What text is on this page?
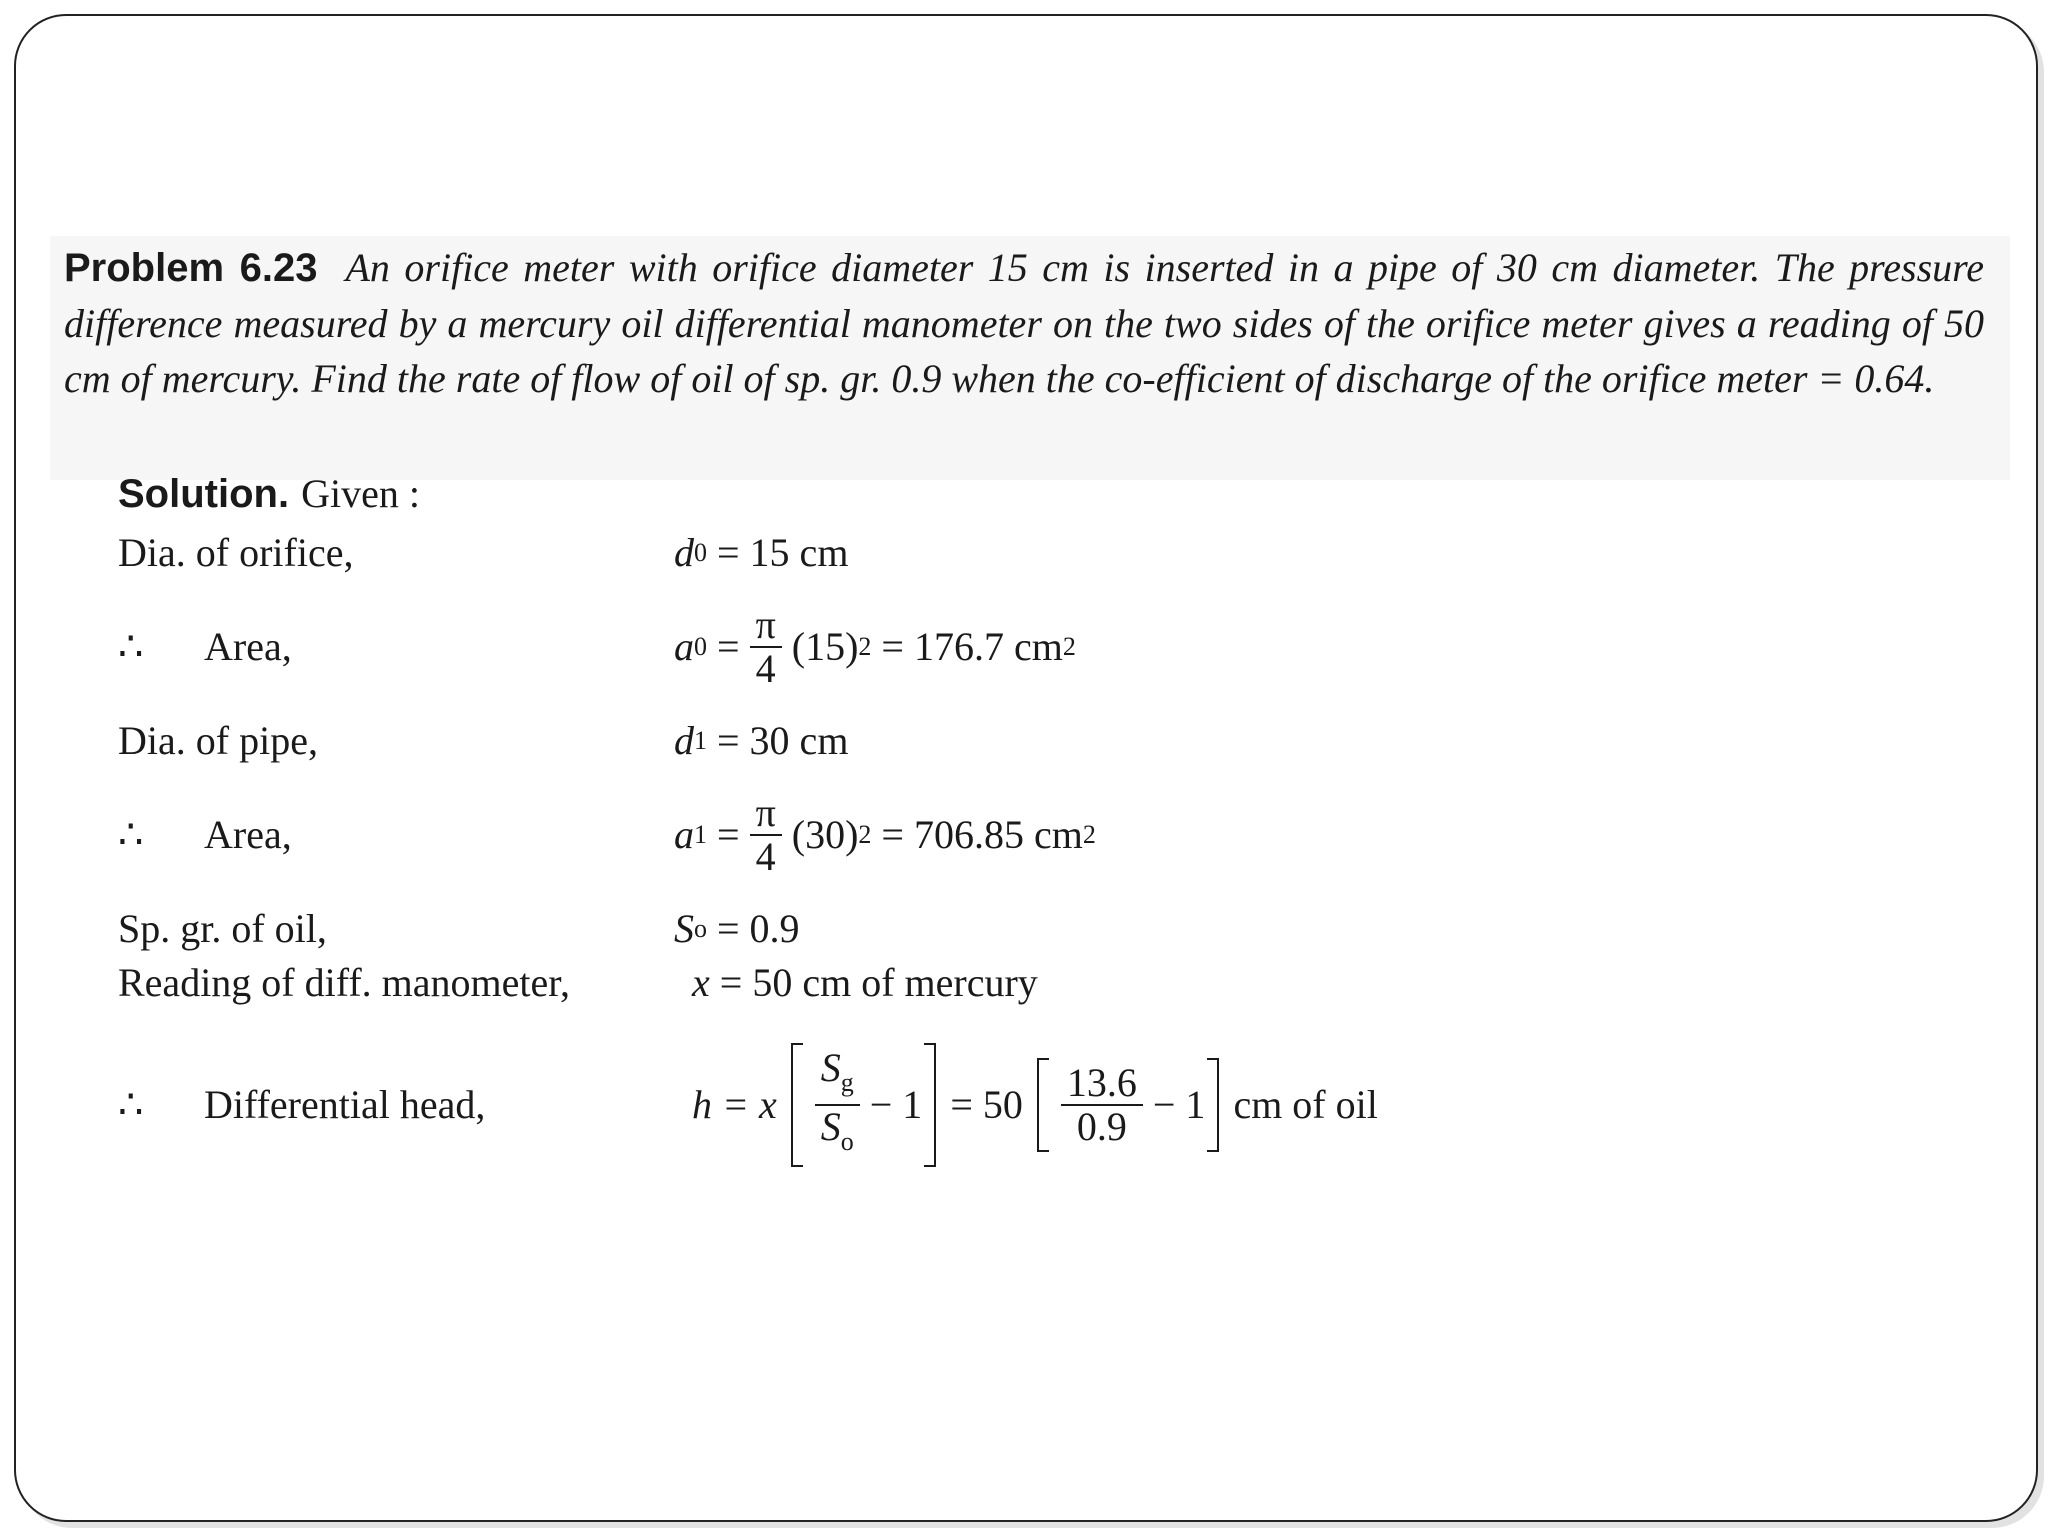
Problem 6.23 An orifice meter with orifice diameter 15 cm is inserted in a pipe of 30 cm diameter. The pressure difference measured by a mercury oil differential manometer on the two sides of the orifice meter gives a reading of 50 cm of mercury. Find the rate of flow of oil of sp. gr. 0.9 when the co-efficient of discharge of the orifice meter = 0.64.
Solution. Given :
Dia. of orifice,	d 0 = 15 cm
∴ Area,	a $0 = \frac{\pi}{4} (15) 2 = 176.7$ cm 2
Dia. of pipe,	d 1 = 30 cm
∴ Area,	a $1 = \frac{\pi}{4} (30) 2 = 706.85$ cm 2
Sp. gr. of oil,	S o = 0.9
Reading of diff. manometer,	x = 50 cm of mercury
∴ Differential head,	h = x $\frac{S_g}{S_o} - 1 = 50 \frac{13.6}{0.9} - 1$ cm of oil
